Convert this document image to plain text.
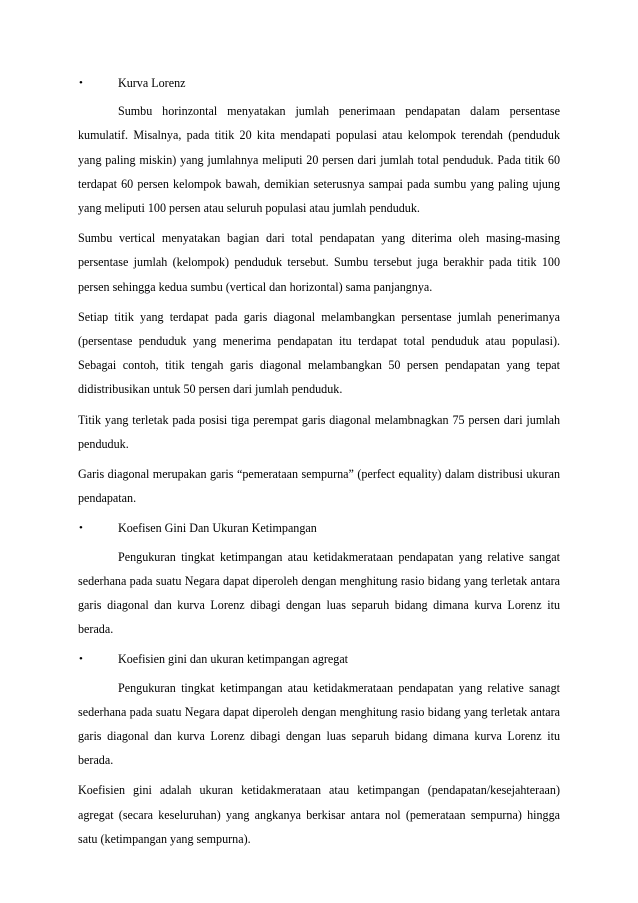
•	Kurva Lorenz

Sumbu horinzontal menyatakan jumlah penerimaan pendapatan dalam persentase kumulatif. Misalnya, pada titik 20 kita mendapati populasi atau kelompok terendah (penduduk yang paling miskin) yang jumlahnya meliputi 20 persen dari jumlah total penduduk. Pada titik 60 terdapat 60 persen kelompok bawah, demikian seterusnya sampai pada sumbu yang paling ujung yang meliputi 100 persen atau seluruh populasi atau jumlah penduduk.

Sumbu vertical menyatakan bagian dari total pendapatan yang diterima oleh masing-masing persentase jumlah (kelompok) penduduk tersebut. Sumbu tersebut juga berakhir pada titik 100 persen sehingga kedua sumbu (vertical dan horizontal) sama panjangnya.

Setiap titik yang terdapat pada garis diagonal melambangkan persentase jumlah penerimanya (persentase penduduk yang menerima pendapatan itu terdapat total penduduk atau populasi). Sebagai contoh, titik tengah garis diagonal melambangkan 50 persen pendapatan yang tepat didistribusikan untuk 50 persen dari jumlah penduduk.

Titik yang terletak pada posisi tiga perempat garis diagonal melambnagkan 75 persen dari jumlah penduduk.

Garis diagonal merupakan garis “pemerataan sempurna” (perfect equality) dalam distribusi ukuran pendapatan.

•	Koefisen Gini Dan Ukuran Ketimpangan

Pengukuran tingkat ketimpangan atau ketidakmerataan pendapatan yang relative sangat sederhana pada suatu Negara dapat diperoleh dengan menghitung rasio bidang yang terletak antara garis diagonal dan kurva Lorenz dibagi dengan luas separuh bidang dimana kurva Lorenz itu berada.

•	Koefisien gini dan ukuran ketimpangan agregat

Pengukuran tingkat ketimpangan atau ketidakmerataan pendapatan yang relative sanagt sederhana pada suatu Negara dapat diperoleh dengan menghitung rasio bidang yang terletak antara garis diagonal dan kurva Lorenz dibagi dengan luas separuh bidang dimana kurva Lorenz itu berada.

Koefisien gini adalah ukuran ketidakmerataan atau ketimpangan (pendapatan/kesejahteraan) agregat (secara keseluruhan) yang angkanya berkisar antara nol (pemerataan sempurna) hingga satu (ketimpangan yang sempurna).
